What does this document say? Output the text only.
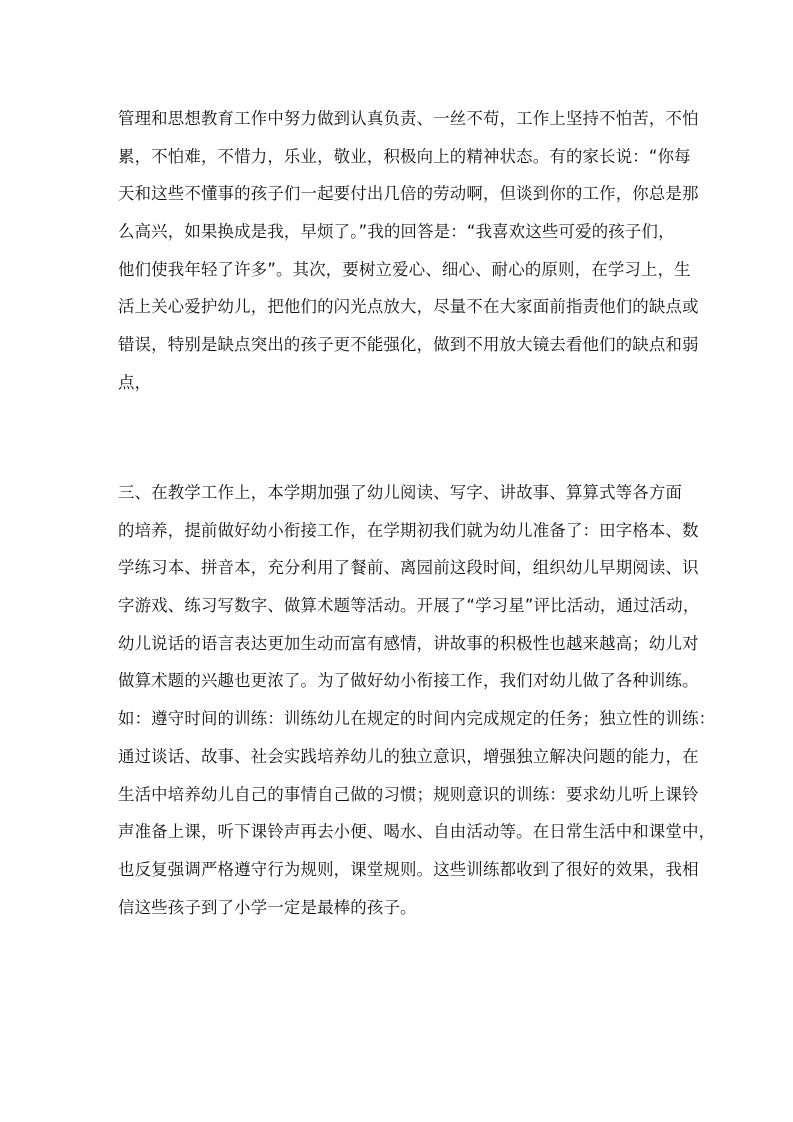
管理和思想教育工作中努力做到认真负责、一丝不苟，工作上坚持不怕苦，不怕
累，不怕难，不惜力，乐业，敬业，积极向上的精神状态。有的家长说：“你每
天和这些不懂事的孩子们一起要付出几倍的劳动啊，但谈到你的工作，你总是那
么高兴，如果换成是我，早烦了。”我的回答是：“我喜欢这些可爱的孩子们，
他们使我年轻了许多”。其次，要树立爱心、细心、耐心的原则，在学习上，生
活上关心爱护幼儿，把他们的闪光点放大，尽量不在大家面前指责他们的缺点或
错误，特别是缺点突出的孩子更不能强化，做到不用放大镜去看他们的缺点和弱
点，
三、在教学工作上，本学期加强了幼儿阅读、写字、讲故事、算算式等各方面
的培养，提前做好幼小衔接工作，在学期初我们就为幼儿准备了：田字格本、数
学练习本、拼音本，充分利用了餐前、离园前这段时间，组织幼儿早期阅读、识
字游戏、练习写数字、做算术题等活动。开展了“学习星”评比活动，通过活动，
幼儿说话的语言表达更加生动而富有感情，讲故事的积极性也越来越高；幼儿对
做算术题的兴趣也更浓了。为了做好幼小衔接工作，我们对幼儿做了各种训练。
如：遵守时间的训练：训练幼儿在规定的时间内完成规定的任务；独立性的训练：
通过谈话、故事、社会实践培养幼儿的独立意识，增强独立解决问题的能力，在
生活中培养幼儿自己的事情自己做的习惯；规则意识的训练：要求幼儿听上课铃
声准备上课，听下课铃声再去小便、喝水、自由活动等。在日常生活中和课堂中，
也反复强调严格遵守行为规则，课堂规则。这些训练都收到了很好的效果，我相
信这些孩子到了小学一定是最棒的孩子。
